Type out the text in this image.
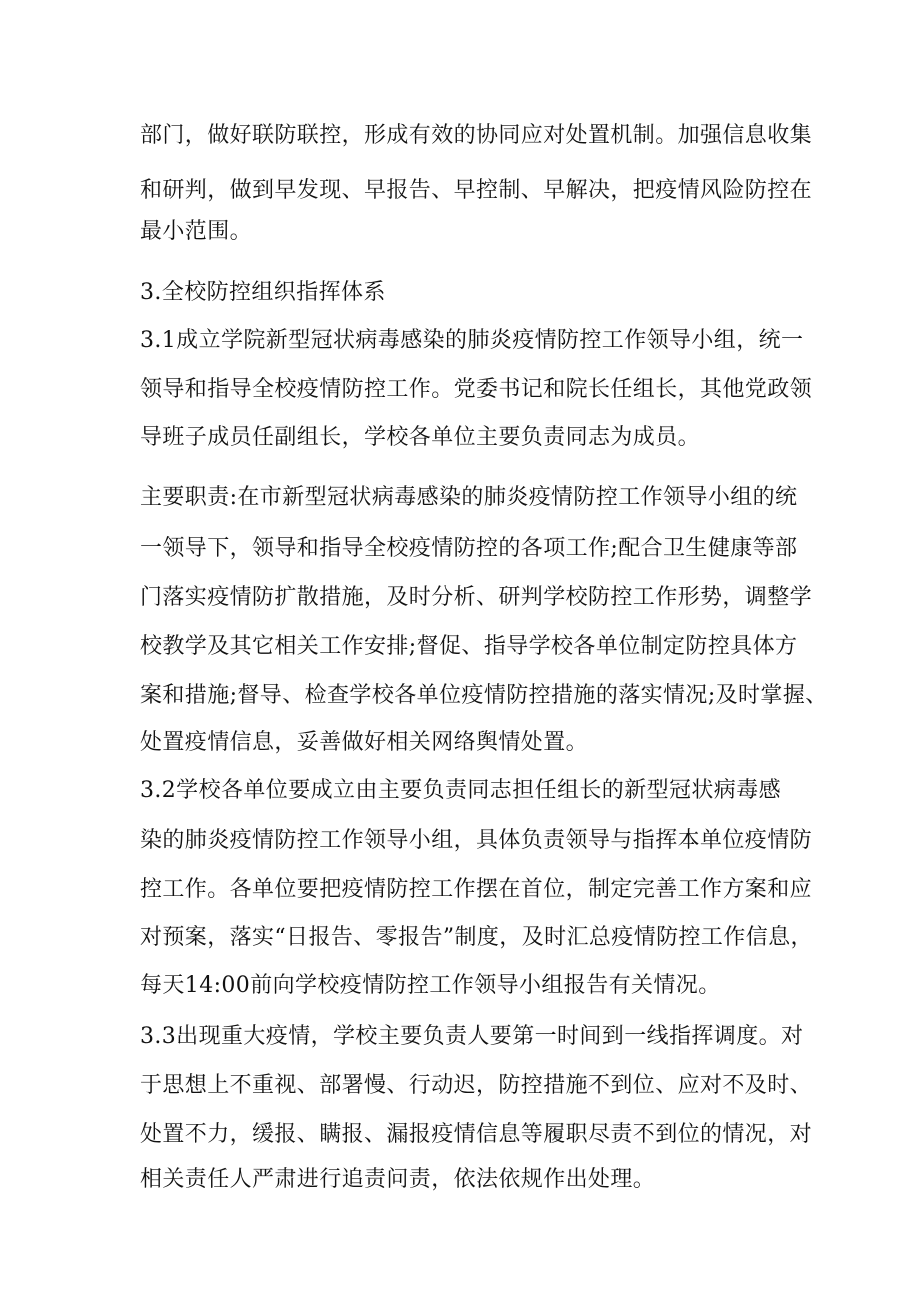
部门，做好联防联控，形成有效的协同应对处置机制。加强信息收集
和研判，做到早发现、早报告、早控制、早解决，把疫情风险防控在
最小范围。
3.全校防控组织指挥体系
3.1成立学院新型冠状病毒感染的肺炎疫情防控工作领导小组，统一
领导和指导全校疫情防控工作。党委书记和院长任组长，其他党政领
导班子成员任副组长，学校各单位主要负责同志为成员。
主要职责:在市新型冠状病毒感染的肺炎疫情防控工作领导小组的统
一领导下，领导和指导全校疫情防控的各项工作;配合卫生健康等部
门落实疫情防扩散措施，及时分析、研判学校防控工作形势，调整学
校教学及其它相关工作安排;督促、指导学校各单位制定防控具体方
案和措施;督导、检查学校各单位疫情防控措施的落实情况;及时掌握、
处置疫情信息，妥善做好相关网络舆情处置。
3.2学校各单位要成立由主要负责同志担任组长的新型冠状病毒感
染的肺炎疫情防控工作领导小组，具体负责领导与指挥本单位疫情防
控工作。各单位要把疫情防控工作摆在首位，制定完善工作方案和应
对预案，落实“日报告、零报告”制度，及时汇总疫情防控工作信息，
每天14:00前向学校疫情防控工作领导小组报告有关情况。
3.3出现重大疫情，学校主要负责人要第一时间到一线指挥调度。对
于思想上不重视、部署慢、行动迟，防控措施不到位、应对不及时、
处置不力，缓报、瞒报、漏报疫情信息等履职尽责不到位的情况，对
相关责任人严肃进行追责问责，依法依规作出处理。
